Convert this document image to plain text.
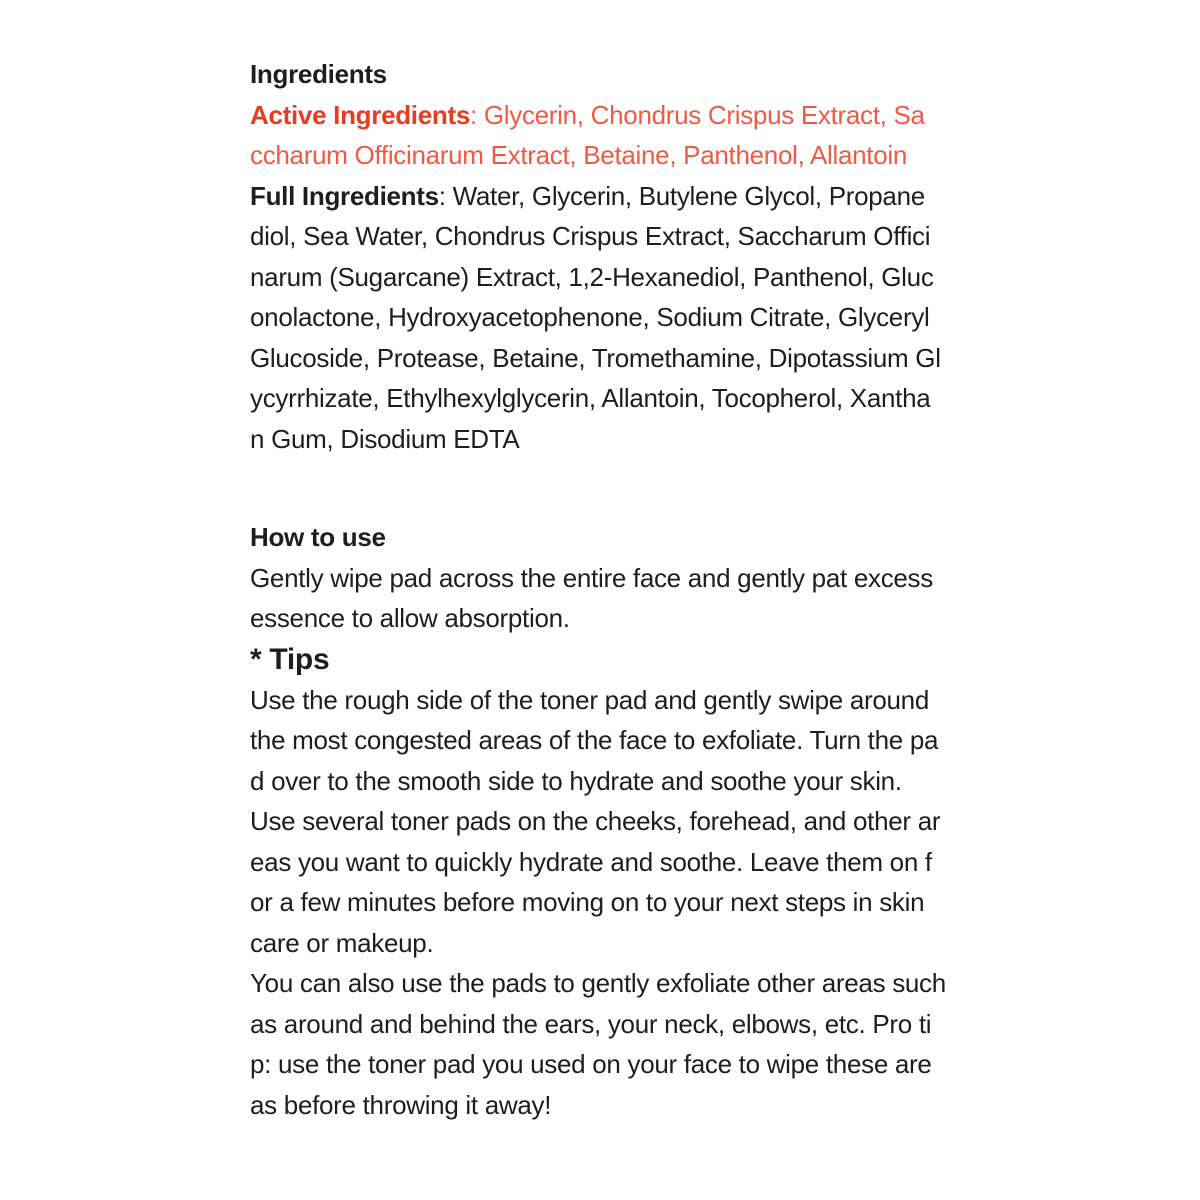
Ingredients
Active Ingredients: Glycerin, Chondrus Crispus Extract, Sa
ccharum Officinarum Extract, Betaine, Panthenol, Allantoin
Full Ingredients: Water, Glycerin, Butylene Glycol, Propane
diol, Sea Water, Chondrus Crispus Extract, Saccharum Offici
narum (Sugarcane) Extract, 1,2-Hexanediol, Panthenol, Gluc
onolactone, Hydroxyacetophenone, Sodium Citrate, Glyceryl
Glucoside, Protease, Betaine, Tromethamine, Dipotassium Gl
ycyrrhizate, Ethylhexylglycerin, Allantoin, Tocopherol, Xantha
n Gum, Disodium EDTA
How to use
Gently wipe pad across the entire face and gently pat excess
essence to allow absorption.
* Tips
Use the rough side of the toner pad and gently swipe around
the most congested areas of the face to exfoliate. Turn the pa
d over to the smooth side to hydrate and soothe your skin.
Use several toner pads on the cheeks, forehead, and other ar
eas you want to quickly hydrate and soothe. Leave them on f
or a few minutes before moving on to your next steps in skin
care or makeup.
You can also use the pads to gently exfoliate other areas such
as around and behind the ears, your neck, elbows, etc. Pro ti
p: use the toner pad you used on your face to wipe these are
as before throwing it away!
